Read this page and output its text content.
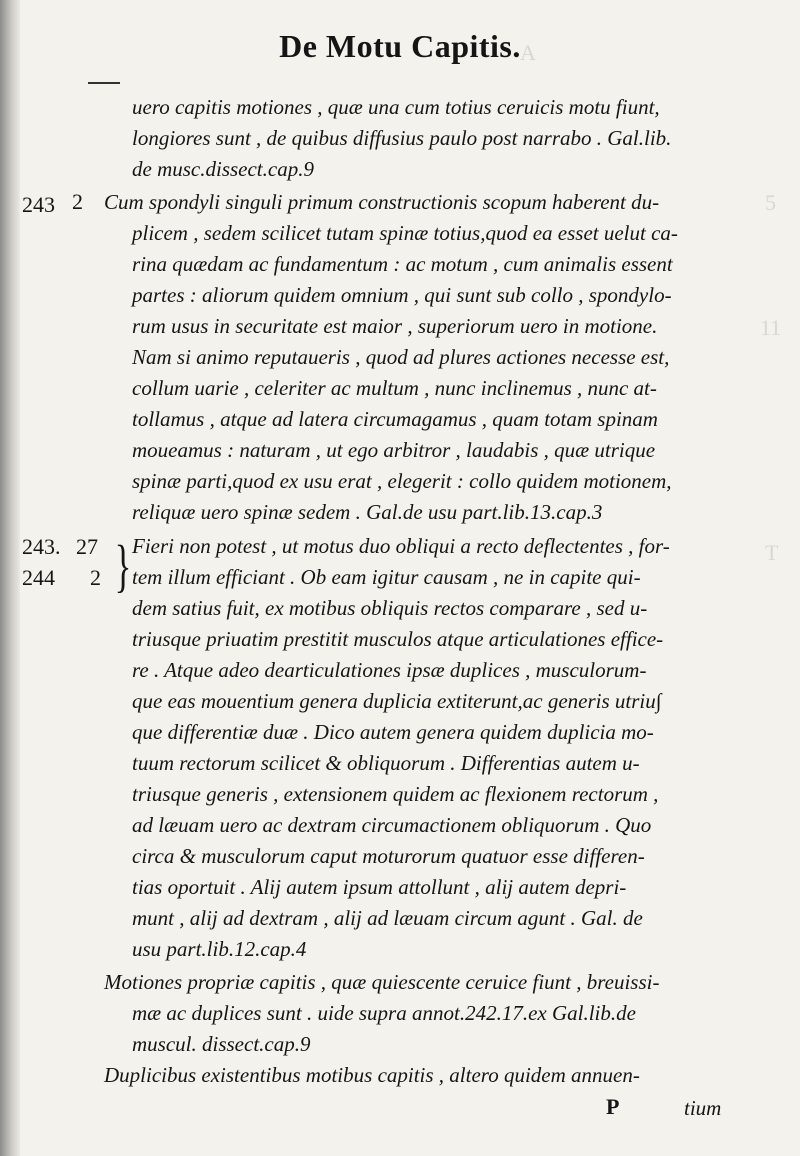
A
5
11
T
De Motu Capitis.
uero capitis motiones , quæ una cum totius ceruicis motu fiunt,
longiores sunt , de quibus diffusius paulo post narrabo . Gal.lib.
de musc.dissect.cap.9
Cum spondyli singuli primum constructionis scopum haberent du-
plicem , sedem scilicet tutam spinæ totius,quod ea esset uelut ca-
rina quædam ac fundamentum : ac motum , cum animalis essent
partes : aliorum quidem omnium , qui sunt sub collo , spondylo-
rum usus in securitate est maior , superiorum uero in motione.
Nam si animo reputaueris , quod ad plures actiones necesse est,
collum uarie , celeriter ac multum , nunc inclinemus , nunc at-
tollamus , atque ad latera circumagamus , quam totam spinam
moueamus : naturam , ut ego arbitror , laudabis , quæ utrique
spinæ parti,quod ex usu erat , elegerit : collo quidem motionem,
reliquæ uero spinæ sedem . Gal.de usu part.lib.13.cap.3
Fieri non potest , ut motus duo obliqui a recto deflectentes , for-
tem illum efficiant . Ob eam igitur causam , ne in capite qui-
dem satius fuit, ex motibus obliquis rectos comparare , sed u-
triusque priuatim prestitit musculos atque articulationes effice-
re . Atque adeo dearticulationes ipsæ duplices , musculorum-
que eas mouentium genera duplicia extiterunt,ac generis utriu∫
que differentiæ duæ . Dico autem genera quidem duplicia mo-
tuum rectorum scilicet & obliquorum . Differentias autem u-
triusque generis , extensionem quidem ac flexionem rectorum ,
ad læuam uero ac dextram circumactionem obliquorum . Quo
circa & musculorum caput moturorum quatuor esse differen-
tias oportuit . Alij autem ipsum attollunt , alij autem depri-
munt , alij ad dextram , alij ad læuam circum agunt . Gal. de
usu part.lib.12.cap.4
Motiones propriæ capitis , quæ quiescente ceruice fiunt , breuissi-
mæ ac duplices sunt . uide supra annot.242.17.ex Gal.lib.de
muscul. dissect.cap.9
Duplicibus existentibus motibus capitis , altero quidem annuen-
243 2
243. 27
244 2 }
P	tium
